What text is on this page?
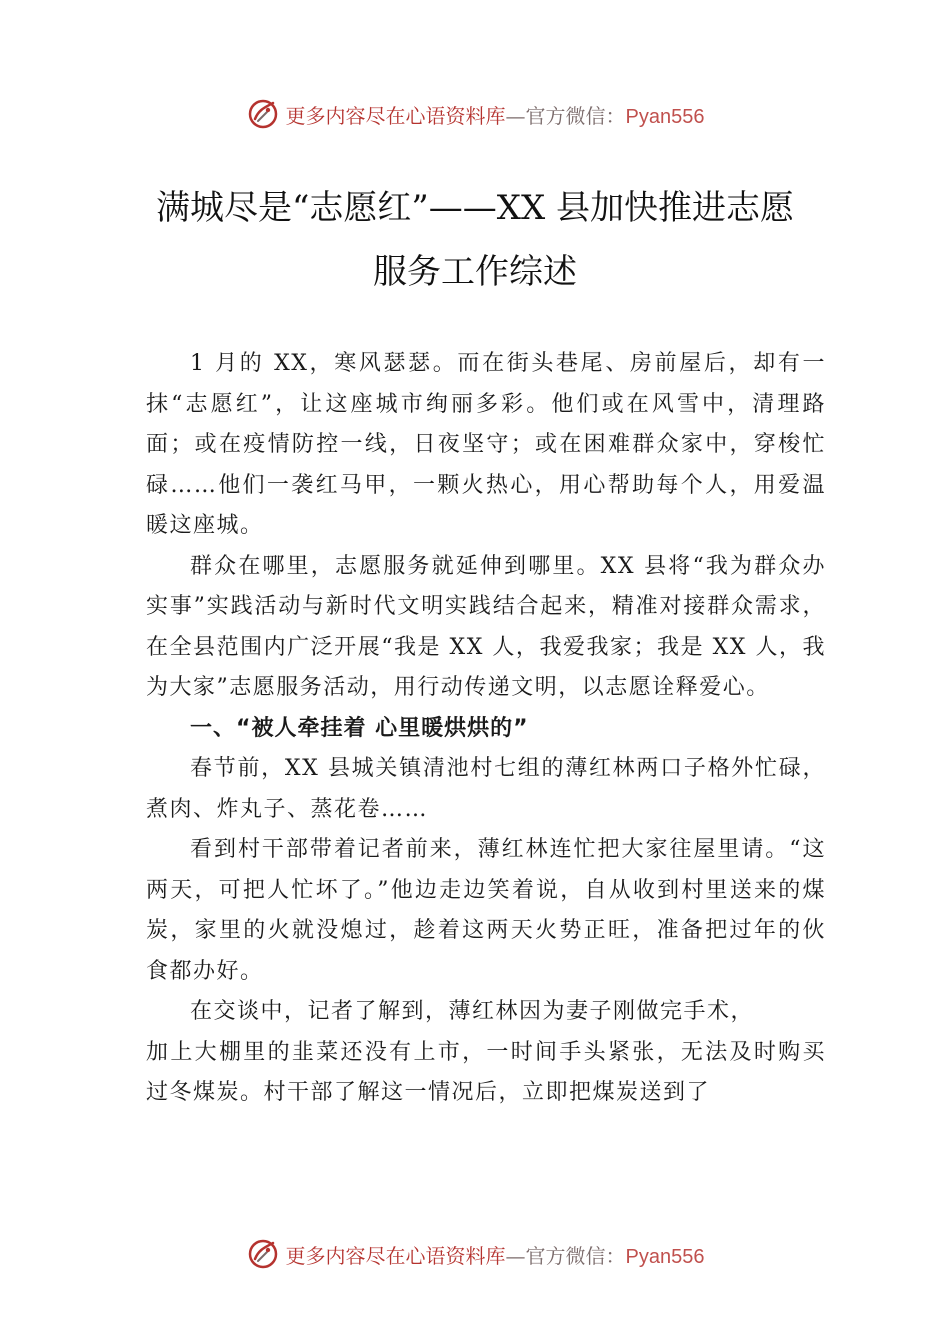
更多内容尽在心语资料库—官方微信：Pyan556
满城尽是“志愿红”——XX 县加快推进志愿服务工作综述

1 月的 XX，寒风瑟瑟。而在街头巷尾、房前屋后，却有一抹“志愿红”，让这座城市绚丽多彩。他们或在风雪中，清理路面；或在疫情防控一线，日夜坚守；或在困难群众家中，穿梭忙碌……他们一袭红马甲，一颗火热心，用心帮助每个人，用爱温暖这座城。

群众在哪里，志愿服务就延伸到哪里。XX 县将“我为群众办实事”实践活动与新时代文明实践结合起来，精准对接群众需求，在全县范围内广泛开展“我是 XX 人，我爱我家；我是 XX 人，我为大家”志愿服务活动，用行动传递文明，以志愿诠释爱心。

一、“被人牵挂着 心里暖烘烘的”

春节前，XX 县城关镇清池村七组的薄红林两口子格外忙碌，煮肉、炸丸子、蒸花卷……

看到村干部带着记者前来，薄红林连忙把大家往屋里请。“这两天，可把人忙坏了。”他边走边笑着说，自从收到村里送来的煤炭，家里的火就没熄过，趁着这两天火势正旺，准备把过年的伙食都办好。

在交谈中，记者了解到，薄红林因为妻子刚做完手术，

加上大棚里的韭菜还没有上市，一时间手头紧张，无法及时购买过冬煤炭。村干部了解这一情况后，立即把煤炭送到了

更多内容尽在心语资料库—官方微信：Pyan556
